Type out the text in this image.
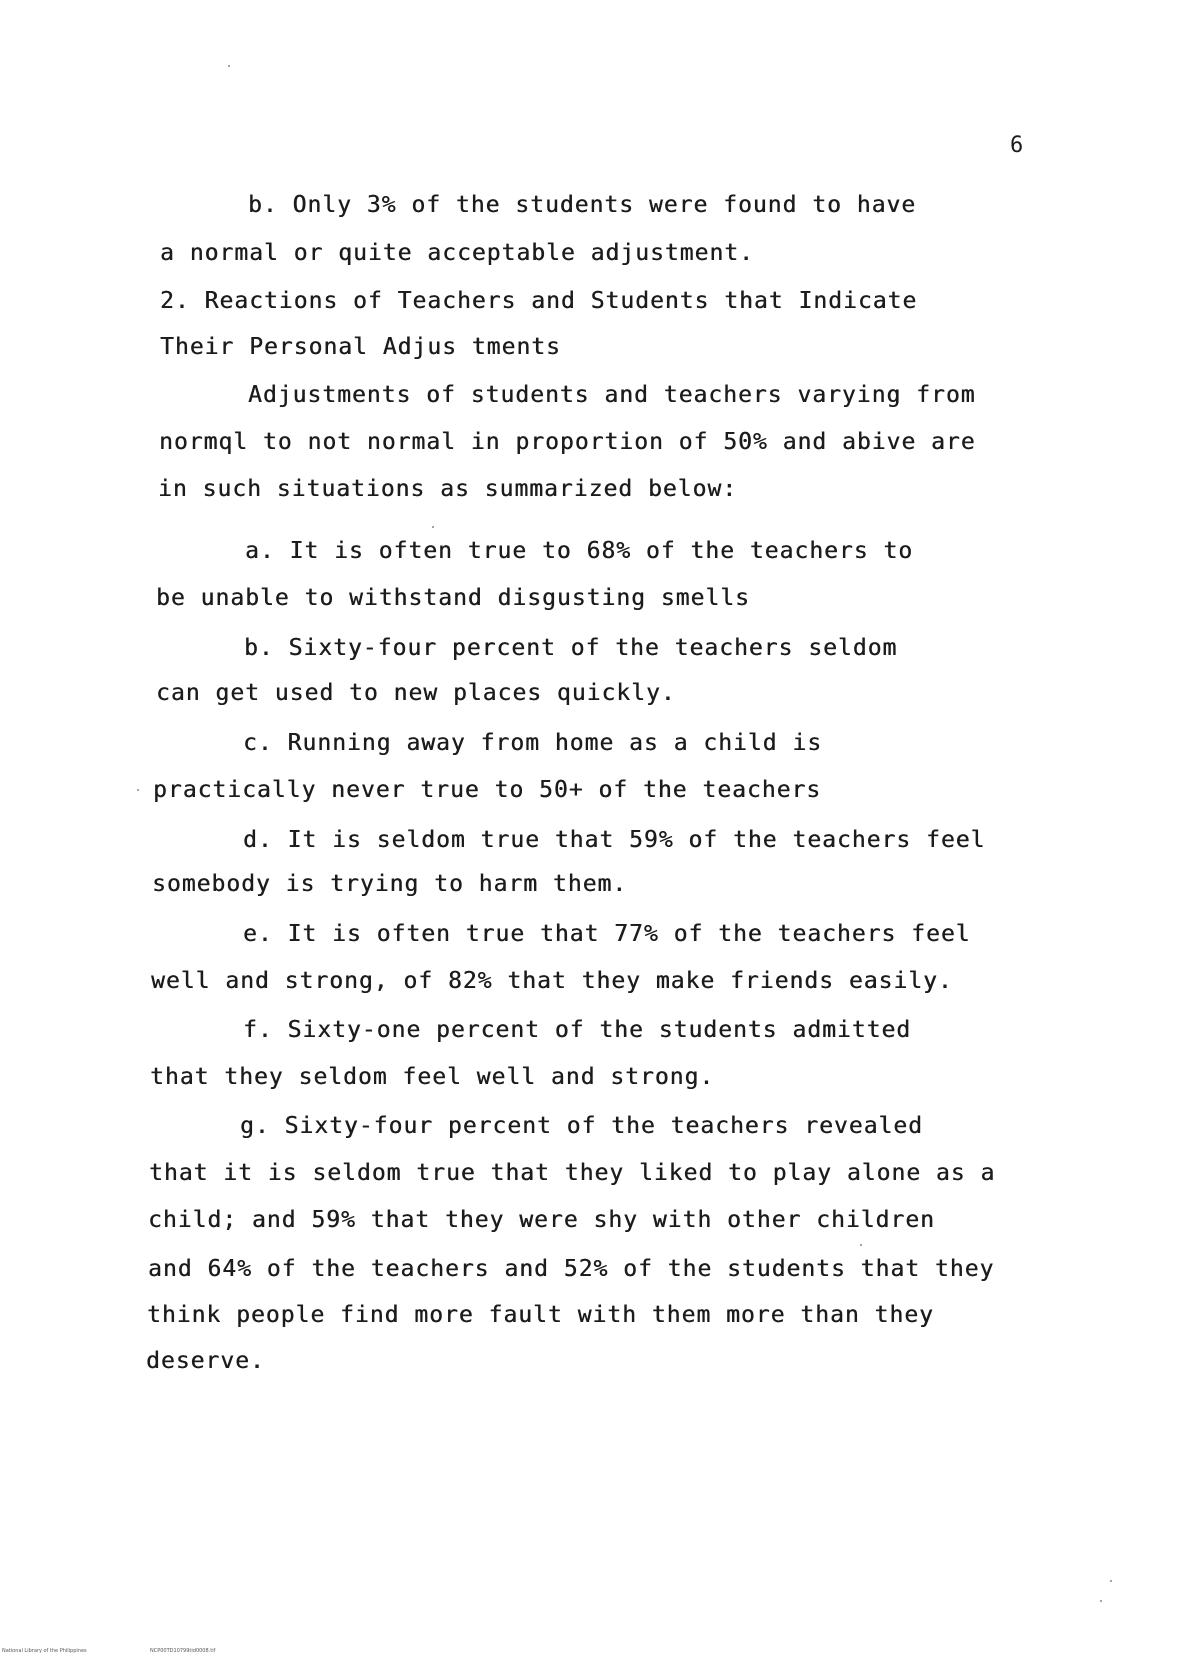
6
b. Only 3% of the students were found to have
a normal or quite acceptable adjustment.
2. Reactions of Teachers and Students that Indicate
Their Personal Adjus tments
Adjustments of students and teachers varying from
normql to not normal in proportion of 50% and abive are
in such situations as summarized below:
a. It is often true to 68% of the teachers to
be unable to withstand disgusting smells
b. Sixty-four percent of the teachers seldom
can get used to new places quickly.
c. Running away from home as a child is
practically never true to 50+ of the teachers
d. It is seldom true that 59% of the teachers feel
somebody is trying to harm them.
e. It is often true that 77% of the teachers feel
well and strong, of 82% that they make friends easily.
f. Sixty-one percent of the students admitted
that they seldom feel well and strong.
g. Sixty-four percent of the teachers revealed
that it is seldom true that they liked to play alone as a
child; and 59% that they were shy with other children
and 64% of the teachers and 52% of the students that they
think people find more fault with them more than they
deserve.
National Library of the Philippines	NCP00TD10799tid0008.tif
